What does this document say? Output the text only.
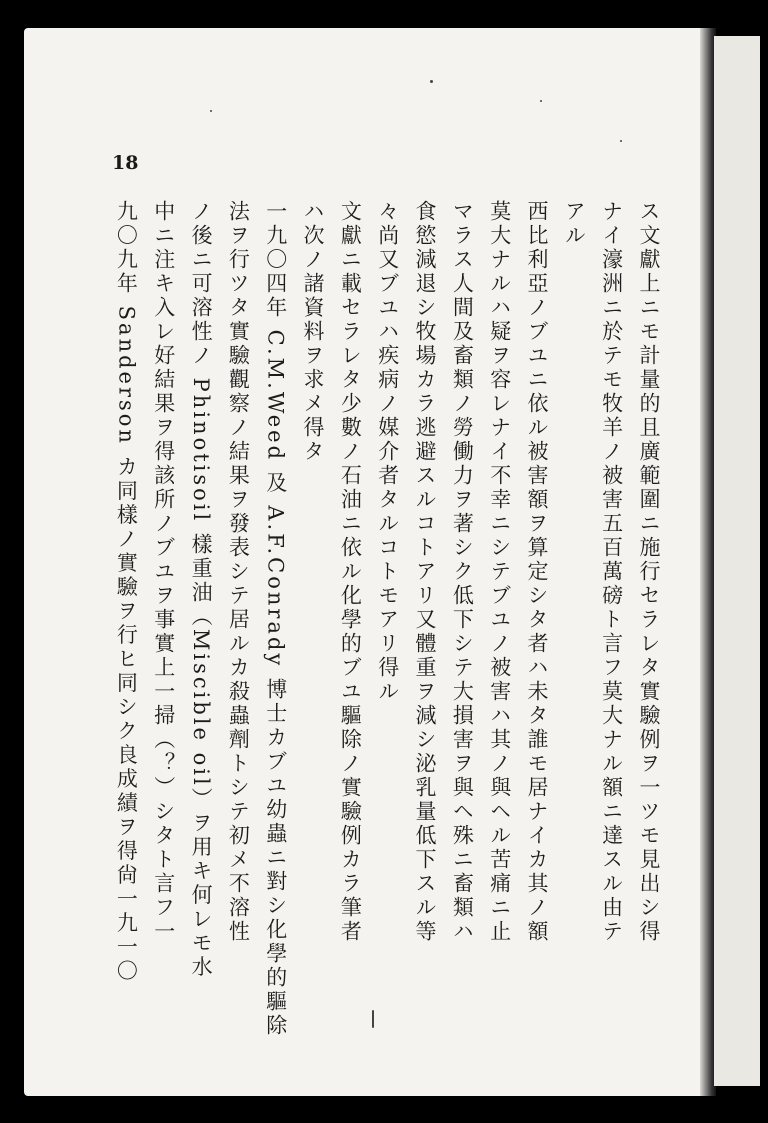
18
ス文獻上ニモ計量的且廣範圍ニ施行セラレタ實驗例ヲ一ツモ見出シ得
ナイ濠洲ニ於テモ牧羊ノ被害五百萬磅ト言フ莫大ナル額ニ達スル由テ
アル
西比利亞ノブユニ依ル被害額ヲ算定シタ者ハ未タ誰モ居ナイカ其ノ額
莫大ナルハ疑ヲ容レナイ不幸ニシテブユノ被害ハ其ノ與ヘル苦痛ニ止
マラス人間及畜類ノ勞働力ヲ著シク低下シテ大損害ヲ與ヘ殊ニ畜類ハ
食慾減退シ牧場カラ逃避スルコトアリ又體重ヲ減シ泌乳量低下スル等
々尚又ブユハ疾病ノ媒介者タルコトモアリ得ル
文獻ニ載セラレタ少數ノ石油ニ依ル化學的ブユ驅除ノ實驗例カラ筆者
ハ次ノ諸資料ヲ求メ得タ
一九〇四年 C.M.Weed 及 A.F.Conrady 博士カブユ幼蟲ニ對シ化學的驅除
法ヲ行ツタ實驗觀察ノ結果ヲ發表シテ居ルカ殺蟲劑トシテ初メ不溶性
ノ後ニ可溶性ノ Phinotisoil 樣重油（Miscible oil）ヲ用キ何レモ水
中ニ注キ入レ好結果ヲ得該所ノブユヲ事實上一掃（？）シタト言フ一
九〇九年 Sanderson カ同樣ノ實驗ヲ行ヒ同シク良成績ヲ得尙一九一〇
